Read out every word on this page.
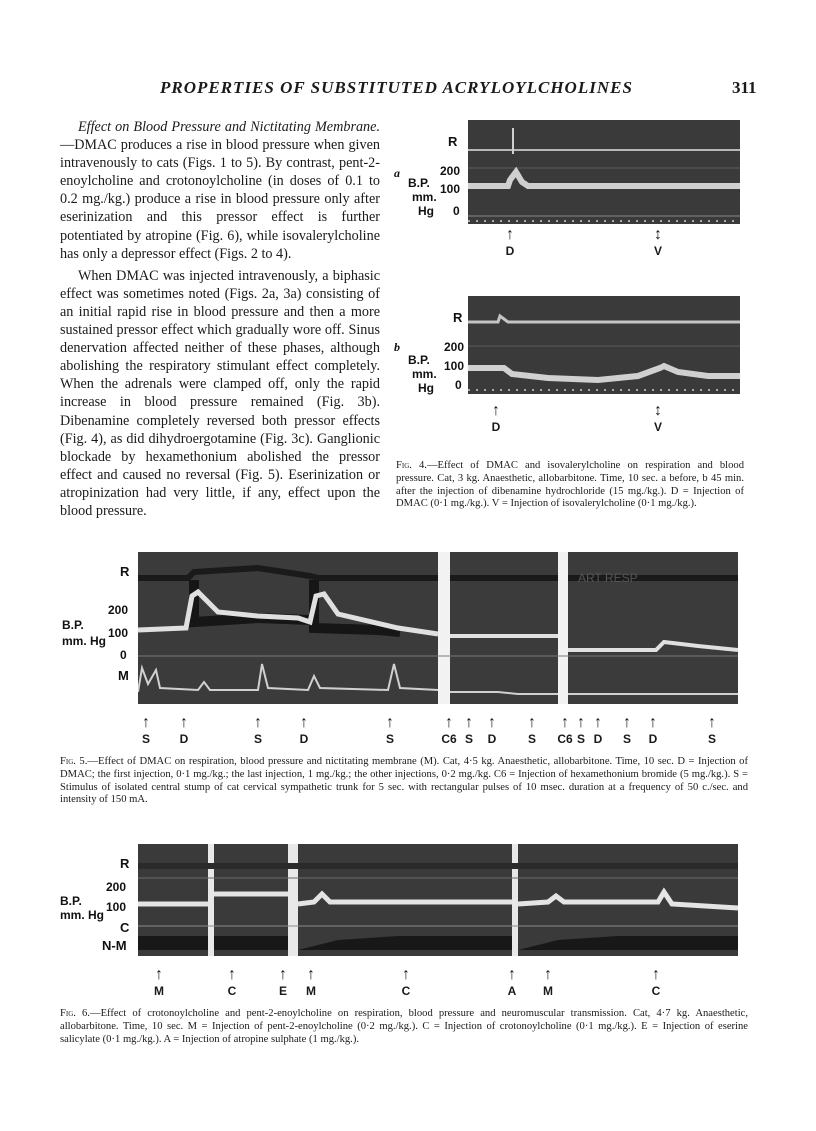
PROPERTIES OF SUBSTITUTED ACRYLOYLCHOLINES	311

Effect on Blood Pressure and Nictitating Membrane.—DMAC produces a rise in blood pressure when given intravenously to cats (Figs. 1 to 5). By contrast, pent-2-enoylcholine and crotonoylcholine (in doses of 0.1 to 0.2 mg./kg.) produce a rise in blood pressure only after eserinization and this pressor effect is further potentiated by atropine (Fig. 6), while isovalerylcholine has only a depressor effect (Figs. 2 to 4).

When DMAC was injected intravenously, a biphasic effect was sometimes noted (Figs. 2a, 3a) consisting of an initial rapid rise in blood pressure and then a more sustained pressor effect which gradually wore off. Sinus denervation affected neither of these phases, although abolishing the respiratory stimulant effect completely. When the adrenals were clamped off, only the rapid increase in blood pressure remained (Fig. 3b). Dibenamine completely reversed both pressor effects (Fig. 4), as did dihydroergotamine (Fig. 3c). Ganglionic blockade by hexamethonium abolished the pressor effect and caused no reversal (Fig. 5). Eserinization or atropinization had very little, if any, effect upon the blood pressure.

R
a	200
B.P. 100
mm.
0
Hg
↑
D
↕
V
R
b	200
B.P. 100
mm.
0
Hg
↑
D
↕
V
Fig. 4.—Effect of DMAC and isovalerylcholine on respiration and blood pressure. Cat, 3 kg. Anaesthetic, allobarbitone. Time, 10 sec. a before, b 45 min. after the injection of dibenamine hydrochloride (15 mg./kg.). D = Injection of DMAC (0·1 mg./kg.). V = Injection of isovalerylcholine (0·1 mg./kg.).
R
200
B.P.
100
mm. Hg
0
M
ART RESP
↑
S
↑
D
↑
S
↑
D
↑
S
↑
C6
↑
S
↑
D
↑
S
↑
C6
↑
S
↑
D
↑
S
↑
D
↑
S
Fig. 5.—Effect of DMAC on respiration, blood pressure and nictitating membrane (M). Cat, 4·5 kg. Anaesthetic, allobarbitone. Time, 10 sec. D = Injection of DMAC; the first injection, 0·1 mg./kg.; the last injection, 1 mg./kg.; the other injections, 0·2 mg./kg. C6 = Injection of hexamethonium bromide (5 mg./kg.). S = Stimulus of isolated central stump of cat cervical sympathetic trunk for 5 sec. with rectangular pulses of 10 msec. duration at a frequency of 50 c./sec. and intensity of 150 mA.
R
200
B.P. 100
mm. Hg
C
N-M
↑
M
↑
C
↑
E
↑
M
↑
C
↑
A
↑
M
↑
C
Fig. 6.—Effect of crotonoylcholine and pent-2-enoylcholine on respiration, blood pressure and neuromuscular transmission. Cat, 4·7 kg. Anaesthetic, allobarbitone. Time, 10 sec. M = Injection of pent-2-enoylcholine (0·2 mg./kg.). C = Injection of crotonoylcholine (0·1 mg./kg.). E = Injection of eserine salicylate (0·1 mg./kg.). A = Injection of atropine sulphate (1 mg./kg.).
